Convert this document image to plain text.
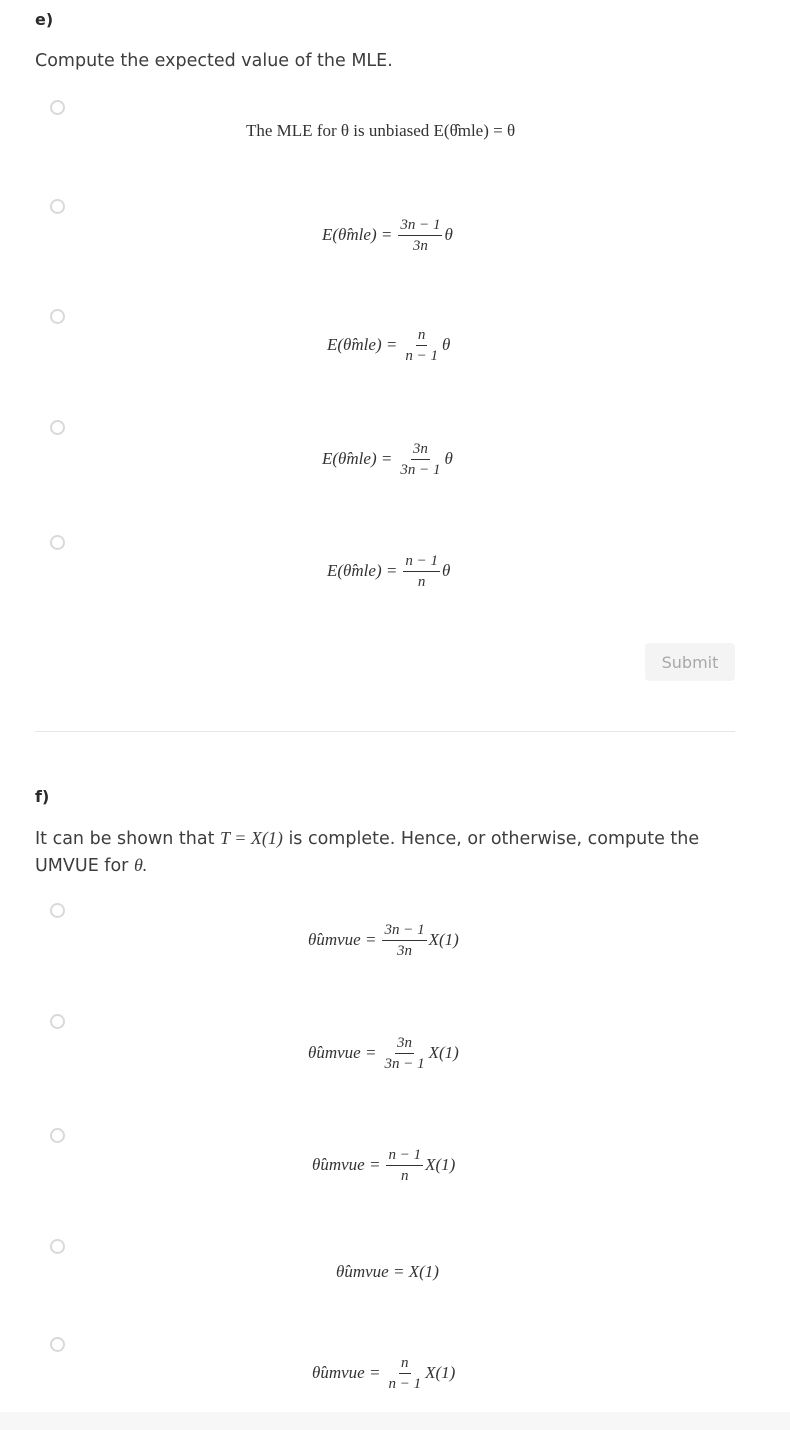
e)
Compute the expected value of the MLE.
The MLE for θ is unbiased E(θ̂mle) = θ
E(θ̂mle) = $\frac{3n - 1}{3n}$ θ
E(θ̂mle) = $\frac{n}{n - 1}$ θ
E(θ̂mle) = $\frac{3n}{3n - 1}$ θ
E(θ̂mle) = $\frac{n - 1}{n}$ θ
Submit
f)
It can be shown that T = X(1) is complete. Hence, or otherwise, compute the
UMVUE for θ.
θ̂umvue = $\frac{3n - 1}{3n} X(1)$
θ̂umvue = $\frac{3n}{3n - 1} X(1)$
θ̂umvue = $\frac{n - 1}{n} X(1)$
θ̂umvue = X(1)
θ̂umvue = $\frac{n}{n - 1} X(1)$
